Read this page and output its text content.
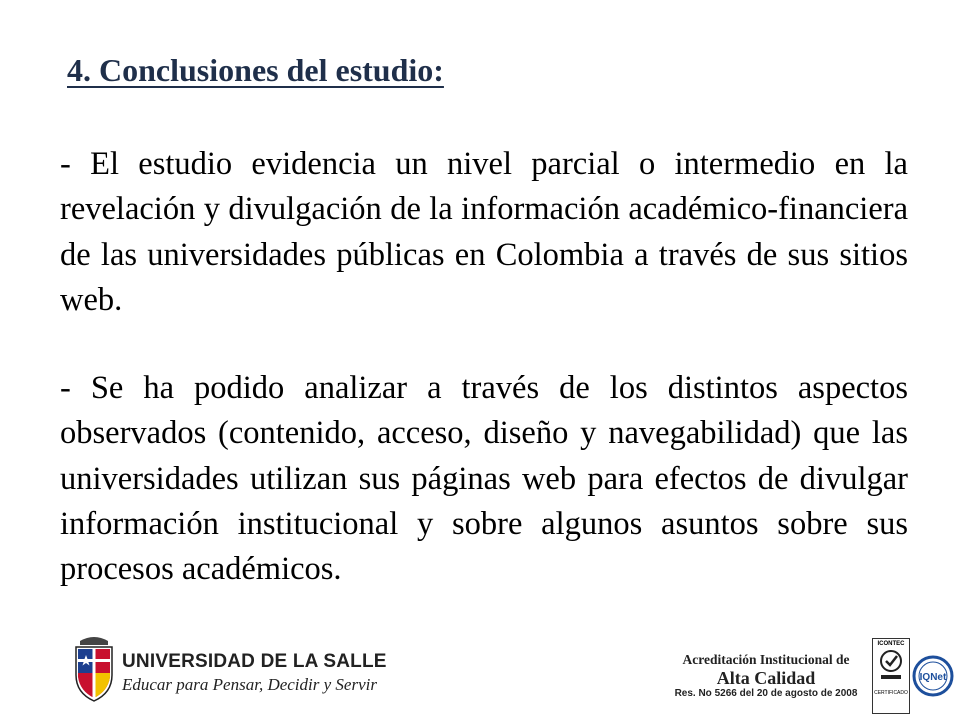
4. Conclusiones del estudio:
- El estudio evidencia un nivel parcial o intermedio en la revelación y divulgación de la información académico-financiera de las universidades públicas en Colombia a través de sus sitios web.
- Se ha podido analizar a través de los distintos aspectos observados (contenido, acceso, diseño y navegabilidad) que las universidades utilizan sus páginas web para efectos de divulgar información institucional y sobre algunos asuntos sobre sus procesos académicos.
UNIVERSIDAD DE LA SALLE
Educar para Pensar, Decidir y Servir
Acreditación Institucional de
Alta Calidad
Res. No 5266 del 20 de agosto de 2008
ICONTEC
CERTIFICADO
IQNet
